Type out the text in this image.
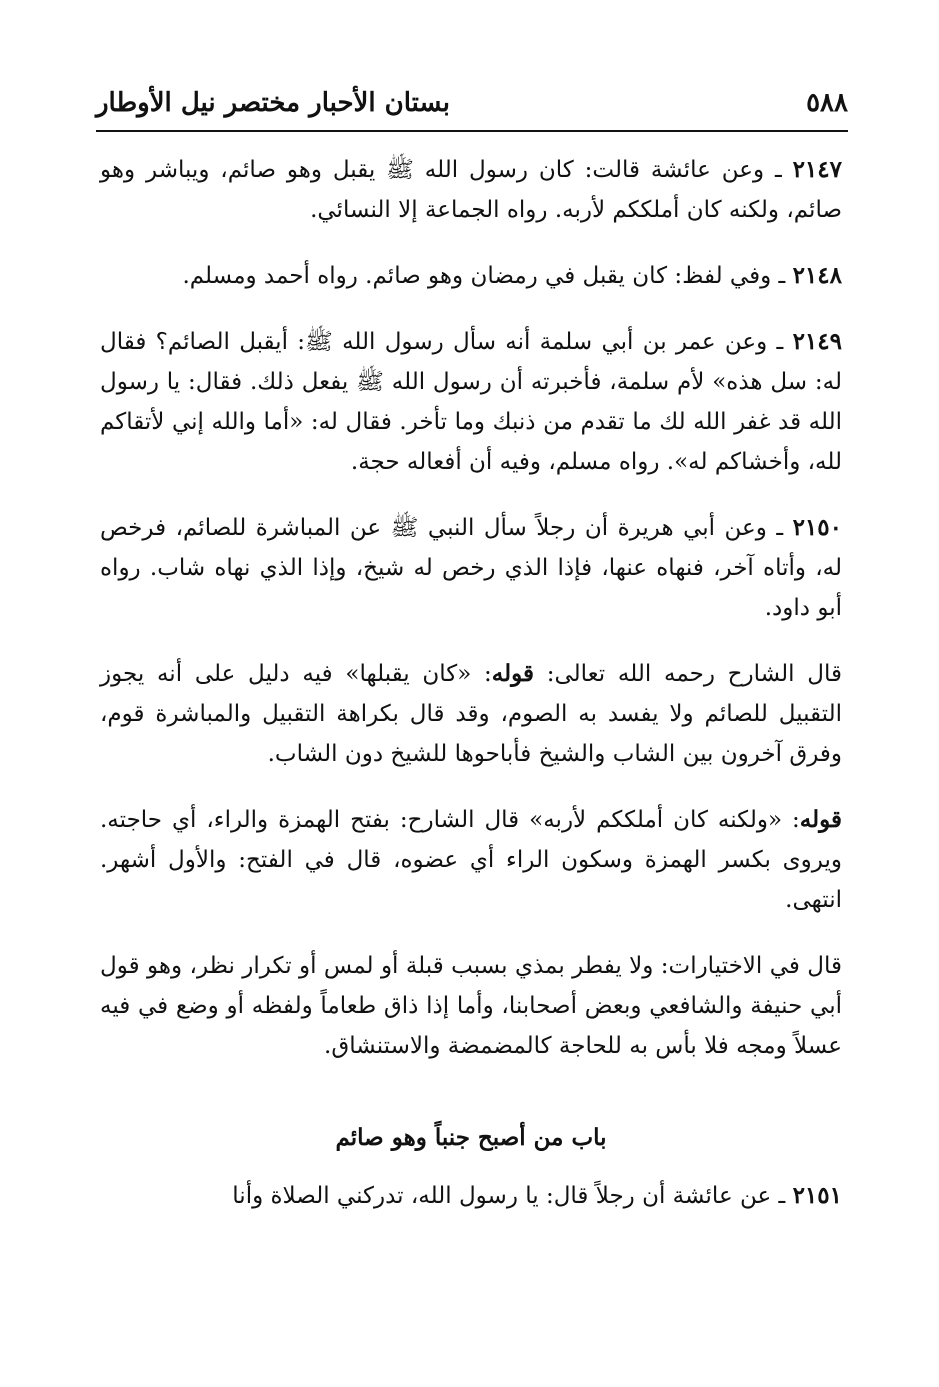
٥٨٨
بستان الأحبار مختصر نيل الأوطار

٢١٤٧ ـ وعن عائشة قالت: كان رسول الله ﷺ يقبل وهو صائم، ويباشر وهو صائم، ولكنه كان أملككم لأربه. رواه الجماعة إلا النسائي.

٢١٤٨ ـ وفي لفظ: كان يقبل في رمضان وهو صائم. رواه أحمد ومسلم.

٢١٤٩ ـ وعن عمر بن أبي سلمة أنه سأل رسول الله ﷺ: أيقبل الصائم؟ فقال له: سل هذه» لأم سلمة، فأخبرته أن رسول الله ﷺ يفعل ذلك. فقال: يا رسول الله قد غفر الله لك ما تقدم من ذنبك وما تأخر. فقال له: «أما والله إني لأتقاكم لله، وأخشاكم له». رواه مسلم، وفيه أن أفعاله حجة.

٢١٥٠ ـ وعن أبي هريرة أن رجلاً سأل النبي ﷺ عن المباشرة للصائم، فرخص له، وأتاه آخر، فنهاه عنها، فإذا الذي رخص له شيخ، وإذا الذي نهاه شاب. رواه أبو داود.

قال الشارح رحمه الله تعالى: قوله: «كان يقبلها» فيه دليل على أنه يجوز التقبيل للصائم ولا يفسد به الصوم، وقد قال بكراهة التقبيل والمباشرة قوم، وفرق آخرون بين الشاب والشيخ فأباحوها للشيخ دون الشاب.

قوله: «ولكنه كان أملككم لأربه» قال الشارح: بفتح الهمزة والراء، أي حاجته. ويروى بكسر الهمزة وسكون الراء أي عضوه، قال في الفتح: والأول أشهر. انتهى.

قال في الاختيارات: ولا يفطر بمذي بسبب قبلة أو لمس أو تكرار نظر، وهو قول أبي حنيفة والشافعي وبعض أصحابنا، وأما إذا ذاق طعاماً ولفظه أو وضع في فيه عسلاً ومجه فلا بأس به للحاجة كالمضمضة والاستنشاق.

باب من أصبح جنباً وهو صائم

٢١٥١ ـ عن عائشة أن رجلاً قال: يا رسول الله، تدركني الصلاة وأنا
